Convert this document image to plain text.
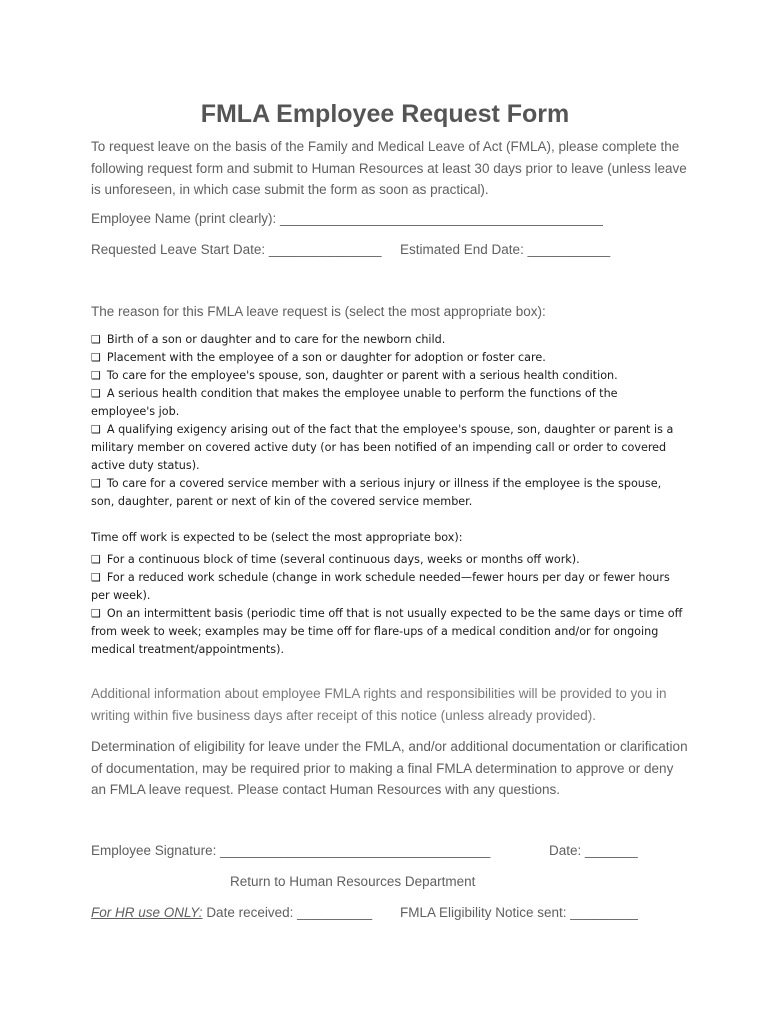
FMLA Employee Request Form

To request leave on the basis of the Family and Medical Leave of Act (FMLA), please complete the following request form and submit to Human Resources at least 30 days prior to leave (unless leave is unforeseen, in which case submit the form as soon as practical).

Employee Name (print clearly): ___________________________________________

Requested Leave Start Date: _______________ Estimated End Date: ___________

The reason for this FMLA leave request is (select the most appropriate box):

❑ Birth of a son or daughter and to care for the newborn child.
❑ Placement with the employee of a son or daughter for adoption or foster care.
❑ To care for the employee's spouse, son, daughter or parent with a serious health condition.
❑ A serious health condition that makes the employee unable to perform the functions of the employee's job.
❑ A qualifying exigency arising out of the fact that the employee's spouse, son, daughter or parent is a military member on covered active duty (or has been notified of an impending call or order to covered active duty status).
❑ To care for a covered service member with a serious injury or illness if the employee is the spouse, son, daughter, parent or next of kin of the covered service member.

Time off work is expected to be (select the most appropriate box):

❑ For a continuous block of time (several continuous days, weeks or months off work).
❑ For a reduced work schedule (change in work schedule needed—fewer hours per day or fewer hours per week).
❑ On an intermittent basis (periodic time off that is not usually expected to be the same days or time off from week to week; examples may be time off for flare-ups of a medical condition and/or for ongoing medical treatment/appointments).

Additional information about employee FMLA rights and responsibilities will be provided to you in writing within five business days after receipt of this notice (unless already provided).

Determination of eligibility for leave under the FMLA, and/or additional documentation or clarification of documentation, may be required prior to making a final FMLA determination to approve or deny an FMLA leave request. Please contact Human Resources with any questions.

Employee Signature: ____________________________________	Date: _______

Return to Human Resources Department

For HR use ONLY: Date received: __________ FMLA Eligibility Notice sent: _________
